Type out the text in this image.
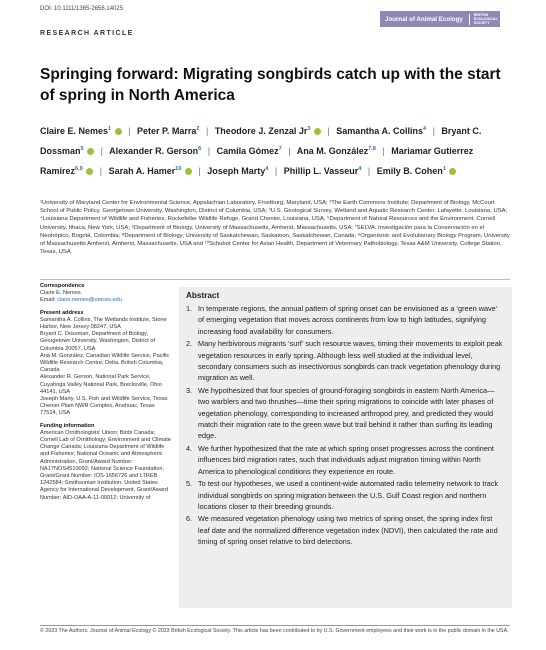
DOI: 10.1111/1365-2656.14025
Journal of Animal Ecology
BRITISH
ECOLOGICAL
SOCIETY
RESEARCH ARTICLE
Springing forward: Migrating songbirds catch up with the start of spring in North America
Claire E. Nemes$^1$ | Peter P. Marra$^2$ | Theodore J. Zenzal Jr$^3$ | Samantha A. Collins$^4$ | Bryant C. Dossman$^5$ | Alexander R. Gerson$^6$ | Camila Gómez$^7$ | Ana M. González$^{7,8}$ | Mariamar Gutierrez Ramirez$^{6,9}$ | Sarah A. Hamer$^{10}$ | Joseph Marty$^4$ | Phillip L. Vasseur$^4$ | Emily B. Cohen$^1$
¹University of Maryland Center for Environmental Science, Appalachian Laboratory, Frostburg, Maryland, USA; ²The Earth Commons Institute; Department of Biology, McCourt School of Public Policy, Georgetown University, Washington, District of Columbia, USA; ³U.S. Geological Survey, Wetland and Aquatic Research Center, Lafayette, Louisiana, USA; ⁴Louisiana Department of Wildlife and Fisheries, Rockefeller Wildlife Refuge, Grand Chenier, Louisiana, USA; ⁵Department of Natural Resources and the Environment, Cornell University, Ithaca, New York, USA; ⁶Department of Biology, University of Massachusetts, Amherst, Massachusetts, USA; ⁷SELVA: Investigación para la Conservación en el Neotrópico, Bogotá, Colombia; ⁸Department of Biology, University of Saskatchewan, Saskatoon, Saskatchewan, Canada; ⁹Organismic and Evolutionary Biology Program, University of Massachusetts Amherst, Amherst, Massachusetts, USA and ¹⁰Schubot Center for Avian Health, Department of Veterinary Pathobiology, Texas A&M University, College Station, Texas, USA
Correspondence
Claire E. Nemes
Email: claire.nemes@umces.edu
Present address
Samantha A. Collins, The Wetlands Institute, Stone Harbor, New Jersey 08247, USA
Bryant C. Dossman, Department of Biology, Georgetown University, Washington, District of Columbia 20057, USA
Ana M. González, Canadian Wildlife Service, Pacific Wildlife Research Centre, Delta, British Columbia, Canada
Alexander R. Gerson, National Park Service, Cuyahoga Valley National Park, Brecksville, Ohio 44141, USA
Joseph Marty, U.S. Fish and Wildlife Service, Texas Chenier Plain NWR Complex, Anahuac, Texas 77514, USA
Funding information
American Ornithologists' Union; Birds Canada; Cornell Lab of Ornithology; Environment and Climate Change Canada; Louisiana Department of Wildlife and Fisheries; National Oceanic and Atmospheric Administration, Grant/Award Number: NA17NOS4510092; National Science Foundation, Grant/Grant Number: IOS-1656726 and LTREB 1242584; Smithsonian Institution; United States Agency for International Development, Grant/Award Number: AID-OAA-A-11-00012; University of
Abstract
1. In temperate regions, the annual pattern of spring onset can be envisioned as a ‘green wave’ of emerging vegetation that moves across continents from low to high latitudes, signifying increasing food availability for consumers.
2. Many herbivorous migrants ‘surf’ such resource waves, timing their movements to exploit peak vegetation resources in early spring. Although less well studied at the individual level, secondary consumers such as insectivorous songbirds can track vegetation phenology during migration as well.
3. We hypothesized that four species of ground-foraging songbirds in eastern North America—two warblers and two thrushes—time their spring migrations to coincide with later phases of vegetation phenology, corresponding to increased arthropod prey, and predicted they would match their migration rate to the green wave but trail behind it rather than surfing its leading edge.
4. We further hypothesized that the rate at which spring onset progresses across the continent influences bird migration rates, such that individuals adjust migration timing within North America to phenological conditions they experience en route.
5. To test our hypotheses, we used a continent-wide automated radio telemetry network to track individual songbirds on spring migration between the U.S. Gulf Coast region and northern locations closer to their breeding grounds.
6. We measured vegetation phenology using two metrics of spring onset, the spring index first leaf date and the normalized difference vegetation index (NDVI), then calculated the rate and timing of spring onset relative to bird detections.
© 2023 The Authors. Journal of Animal Ecology © 2023 British Ecological Society. This article has been contributed to by U.S. Government employees and their work is in the public domain in the USA.
